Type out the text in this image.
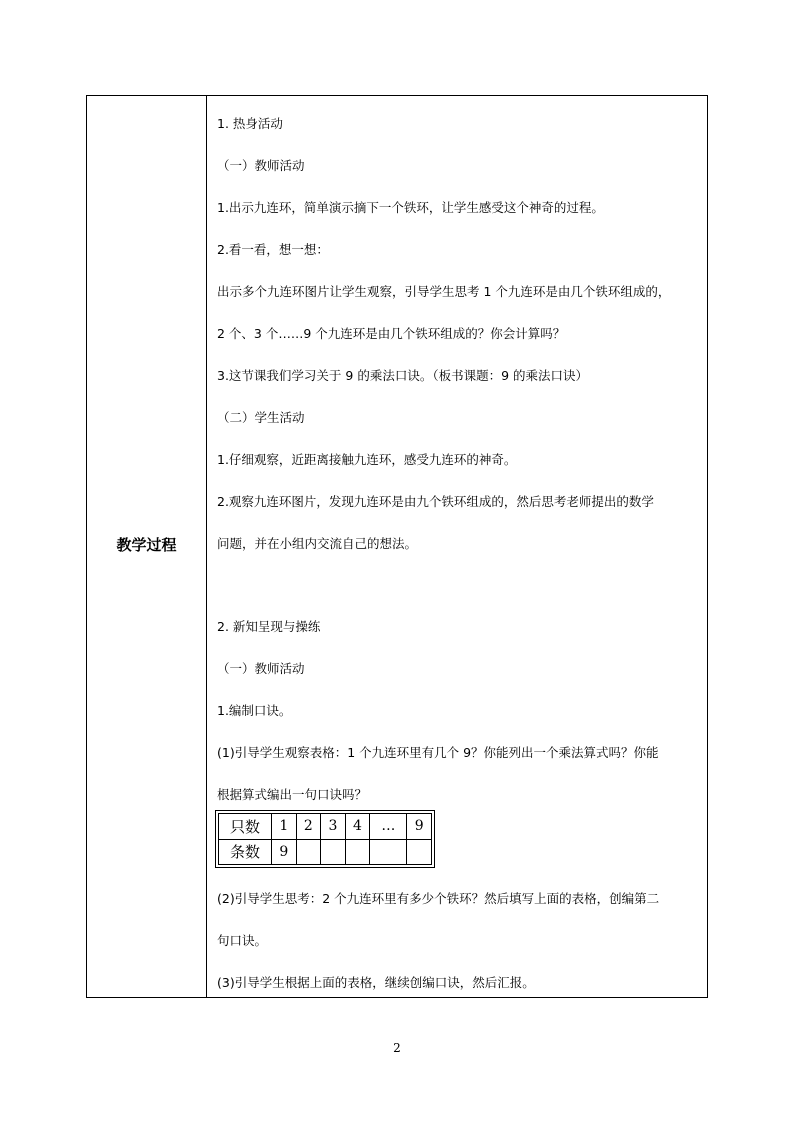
教学过程
1. 热身活动
（一）教师活动
1.出示九连环，简单演示摘下一个铁环，让学生感受这个神奇的过程。
2.看一看，想一想：
出示多个九连环图片让学生观察，引导学生思考 1 个九连环是由几个铁环组成的，
2 个、3 个……9 个九连环是由几个铁环组成的？你会计算吗？
3.这节课我们学习关于 9 的乘法口诀。（板书课题：9 的乘法口诀）
（二）学生活动
1.仔细观察，近距离接触九连环，感受九连环的神奇。
2.观察九连环图片，发现九连环是由九个铁环组成的，然后思考老师提出的数学
问题，并在小组内交流自己的想法。
2. 新知呈现与操练
（一）教师活动
1.编制口诀。
(1)引导学生观察表格：1 个九连环里有几个 9？你能列出一个乘法算式吗？你能
根据算式编出一句口诀吗？
只数	1	2	3	4	…	9
条数	9					
(2)引导学生思考：2 个九连环里有多少个铁环？然后填写上面的表格，创编第二
句口诀。
(3)引导学生根据上面的表格，继续创编口诀，然后汇报。
2
